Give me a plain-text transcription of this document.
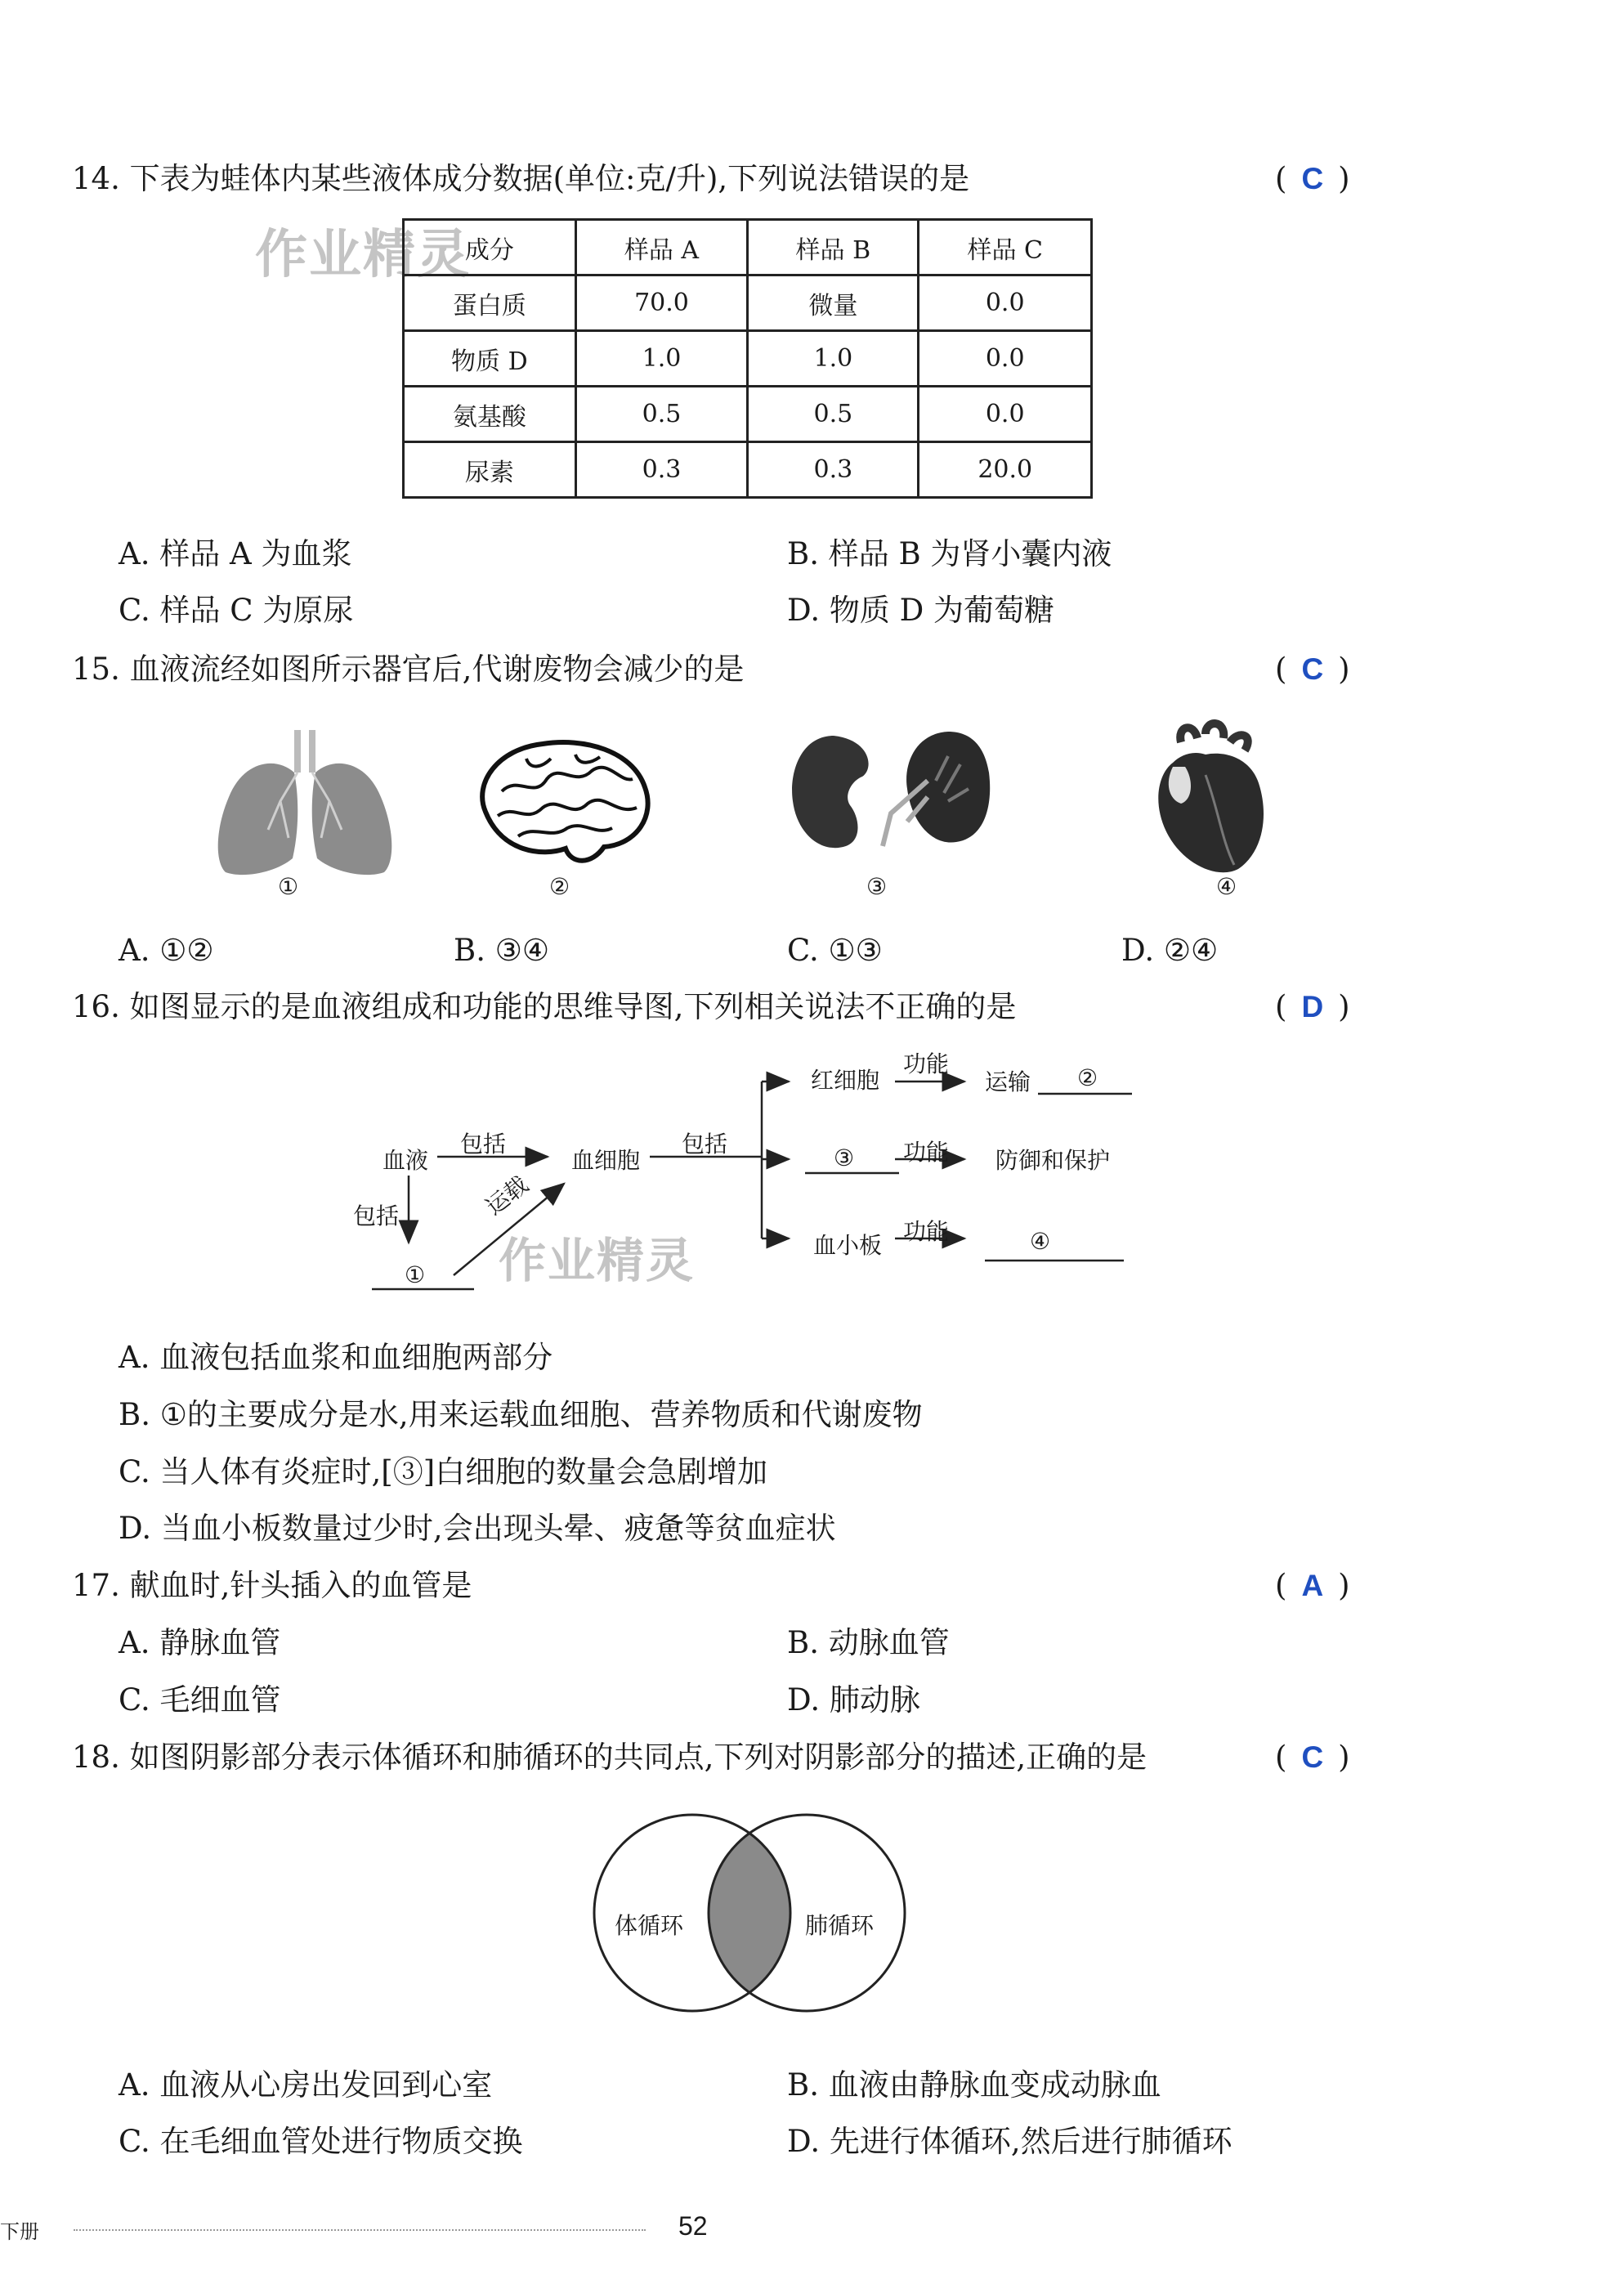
14. 下表为蛙体内某些液体成分数据(单位:克/升),下列说法错误的是	( C )
作业精灵
成分	样品 A	样品 B	样品 C
蛋白质	70.0	微量	0.0
物质 D	1.0	1.0	0.0
氨基酸	0.5	0.5	0.0
尿素	0.3	0.3	20.0
A. 样品 A 为血浆	B. 样品 B 为肾小囊内液
C. 样品 C 为原尿	D. 物质 D 为葡萄糖
15. 血液流经如图所示器官后,代谢废物会减少的是	( C )
①	②	③	④
A. ①②	B. ③④	C. ①③	D. ②④
16. 如图显示的是血液组成和功能的思维导图,下列相关说法不正确的是	( D )
血液
包括
血细胞
包括
包括	运载
①
红细胞
功能
运输 ②
③ 功能 防御和保护
血小板
功能	④
作业精灵
A. 血液包括血浆和血细胞两部分
B. ①的主要成分是水,用来运载血细胞、营养物质和代谢废物
C. 当人体有炎症时,[③]白细胞的数量会急剧增加
D. 当血小板数量过少时,会出现头晕、疲惫等贫血症状
17. 献血时,针头插入的血管是	( A )
A. 静脉血管	B. 动脉血管
C. 毛细血管	D. 肺动脉
18. 如图阴影部分表示体循环和肺循环的共同点,下列对阴影部分的描述,正确的是	( C )
体循环	肺循环
A. 血液从心房出发回到心室	B. 血液由静脉血变成动脉血
C. 在毛细血管处进行物质交换	D. 先进行体循环,然后进行肺循环
下册	52
